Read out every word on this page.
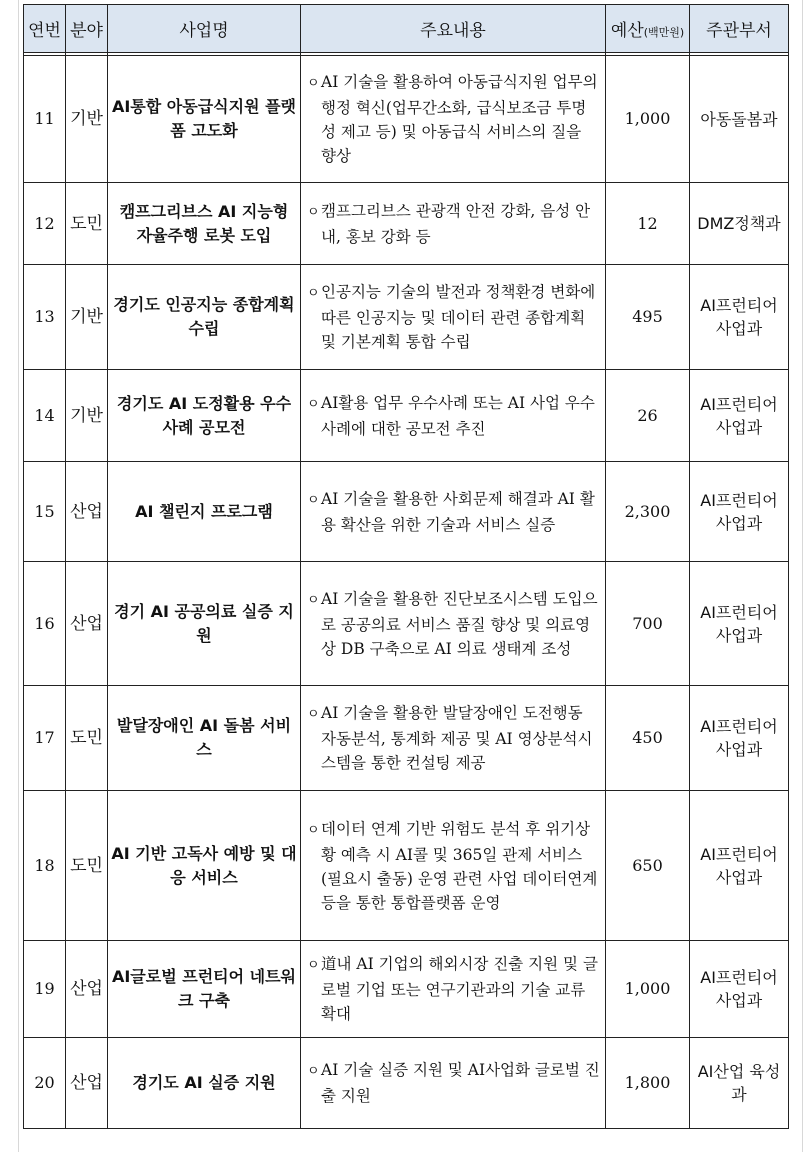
연번	분야	사업명	주요내용	예산(백만원)	주관부서

11	기반	AI통합 아동급식지원 플랫폼 고도화	ㅇAI 기술을 활용하여 아동급식지원 업무의 행정 혁신(업무간소화, 급식보조금 투명성 제고 등) 및 아동급식 서비스의 질을 향상	1,000	아동돌봄과
12	도민	캠프그리브스 AI 지능형 자율주행 로봇 도입	ㅇ캠프그리브스 관광객 안전 강화, 음성 안내, 홍보 강화 등	12	DMZ정책과
13	기반	경기도 인공지능 종합계획 수립	ㅇ인공지능 기술의 발전과 정책환경 변화에 따른 인공지능 및 데이터 관련 종합계획 및 기본계획 통합 수립	495	AI프런티어 사업과
14	기반	경기도 AI 도정활용 우수사례 공모전	ㅇAI활용 업무 우수사례 또는 AI 사업 우수사례에 대한 공모전 추진	26	AI프런티어 사업과
15	산업	AI 챌린지 프로그램	ㅇAI 기술을 활용한 사회문제 해결과 AI 활용 확산을 위한 기술과 서비스 실증	2,300	AI프런티어 사업과
16	산업	경기 AI 공공의료 실증 지원	ㅇAI 기술을 활용한 진단보조시스템 도입으로 공공의료 서비스 품질 향상 및 의료영상 DB 구축으로 AI 의료 생태계 조성	700	AI프런티어 사업과
17	도민	발달장애인 AI 돌봄 서비스	ㅇAI 기술을 활용한 발달장애인 도전행동 자동분석, 통계화 제공 및 AI 영상분석시스템을 통한 컨설팅 제공	450	AI프런티어 사업과
18	도민	AI 기반 고독사 예방 및 대응 서비스	ㅇ데이터 연계 기반 위험도 분석 후 위기상황 예측 시 AI콜 및 365일 관제 서비스(필요시 출동) 운영 관련 사업 데이터연계 등을 통한 통합플랫폼 운영	650	AI프런티어 사업과
19	산업	AI글로벌 프런티어 네트워크 구축	ㅇ道내 AI 기업의 해외시장 진출 지원 및 글로벌 기업 또는 연구기관과의 기술 교류 확대	1,000	AI프런티어 사업과
20	산업	경기도 AI 실증 지원	ㅇAI 기술 실증 지원 및 AI사업화 글로벌 진출 지원	1,800	AI산업 육성과
